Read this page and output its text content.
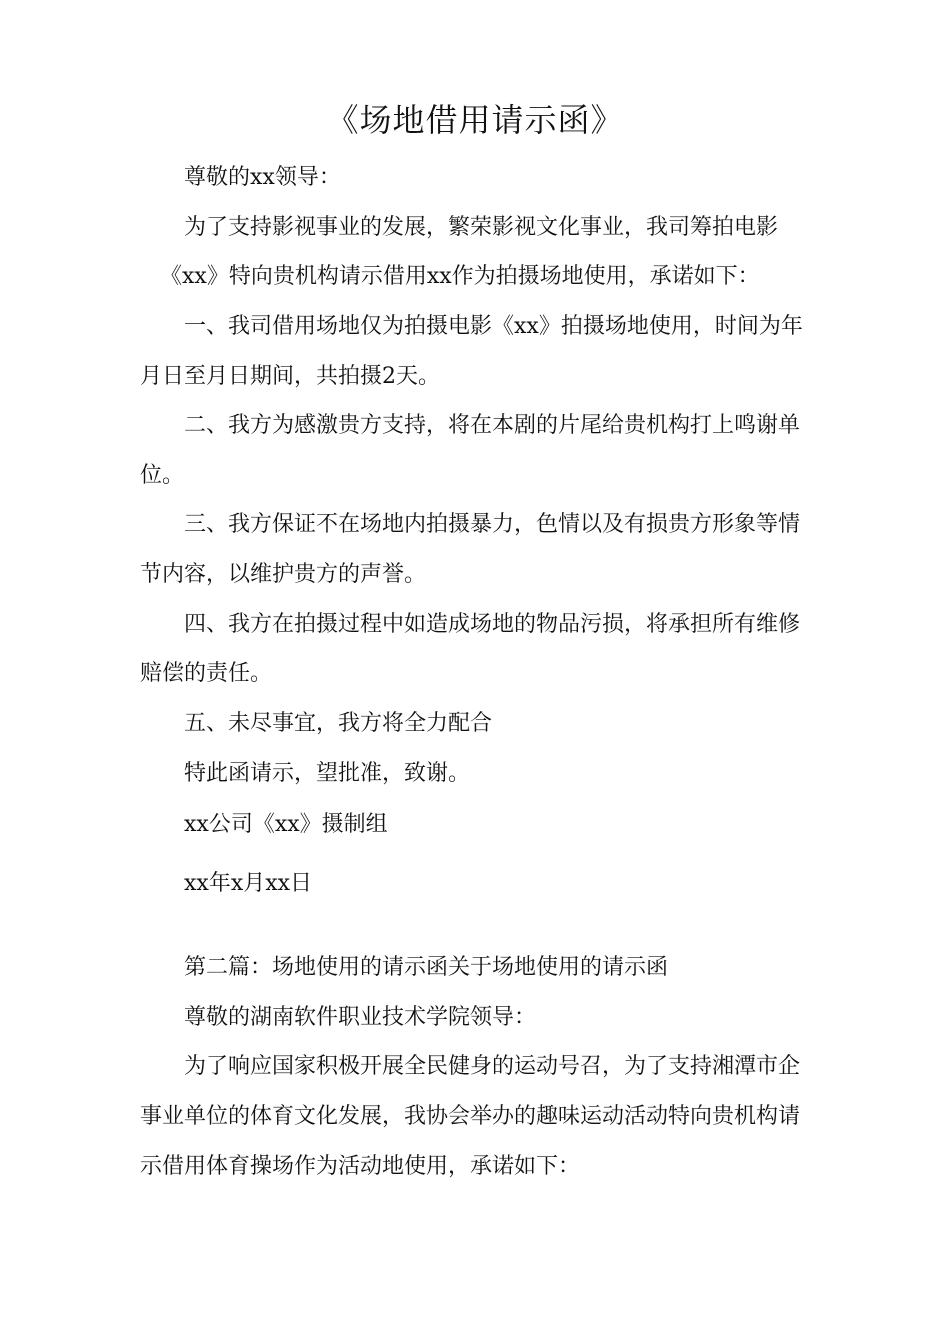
《场地借用请示函》
尊敬的xx领导：
为了支持影视事业的发展，繁荣影视文化事业，我司筹拍电影
《xx》特向贵机构请示借用xx作为拍摄场地使用，承诺如下：
一、我司借用场地仅为拍摄电影《xx》拍摄场地使用，时间为年
月日至月日期间，共拍摄2天。
二、我方为感激贵方支持，将在本剧的片尾给贵机构打上鸣谢单
位。
三、我方保证不在场地内拍摄暴力，色情以及有损贵方形象等情
节内容，以维护贵方的声誉。
四、我方在拍摄过程中如造成场地的物品污损，将承担所有维修
赔偿的责任。
五、未尽事宜，我方将全力配合
特此函请示，望批准，致谢。
xx公司《xx》摄制组
xx年x月xx日
第二篇：场地使用的请示函关于场地使用的请示函
尊敬的湖南软件职业技术学院领导：
为了响应国家积极开展全民健身的运动号召，为了支持湘潭市企
事业单位的体育文化发展，我协会举办的趣味运动活动特向贵机构请
示借用体育操场作为活动地使用，承诺如下：
